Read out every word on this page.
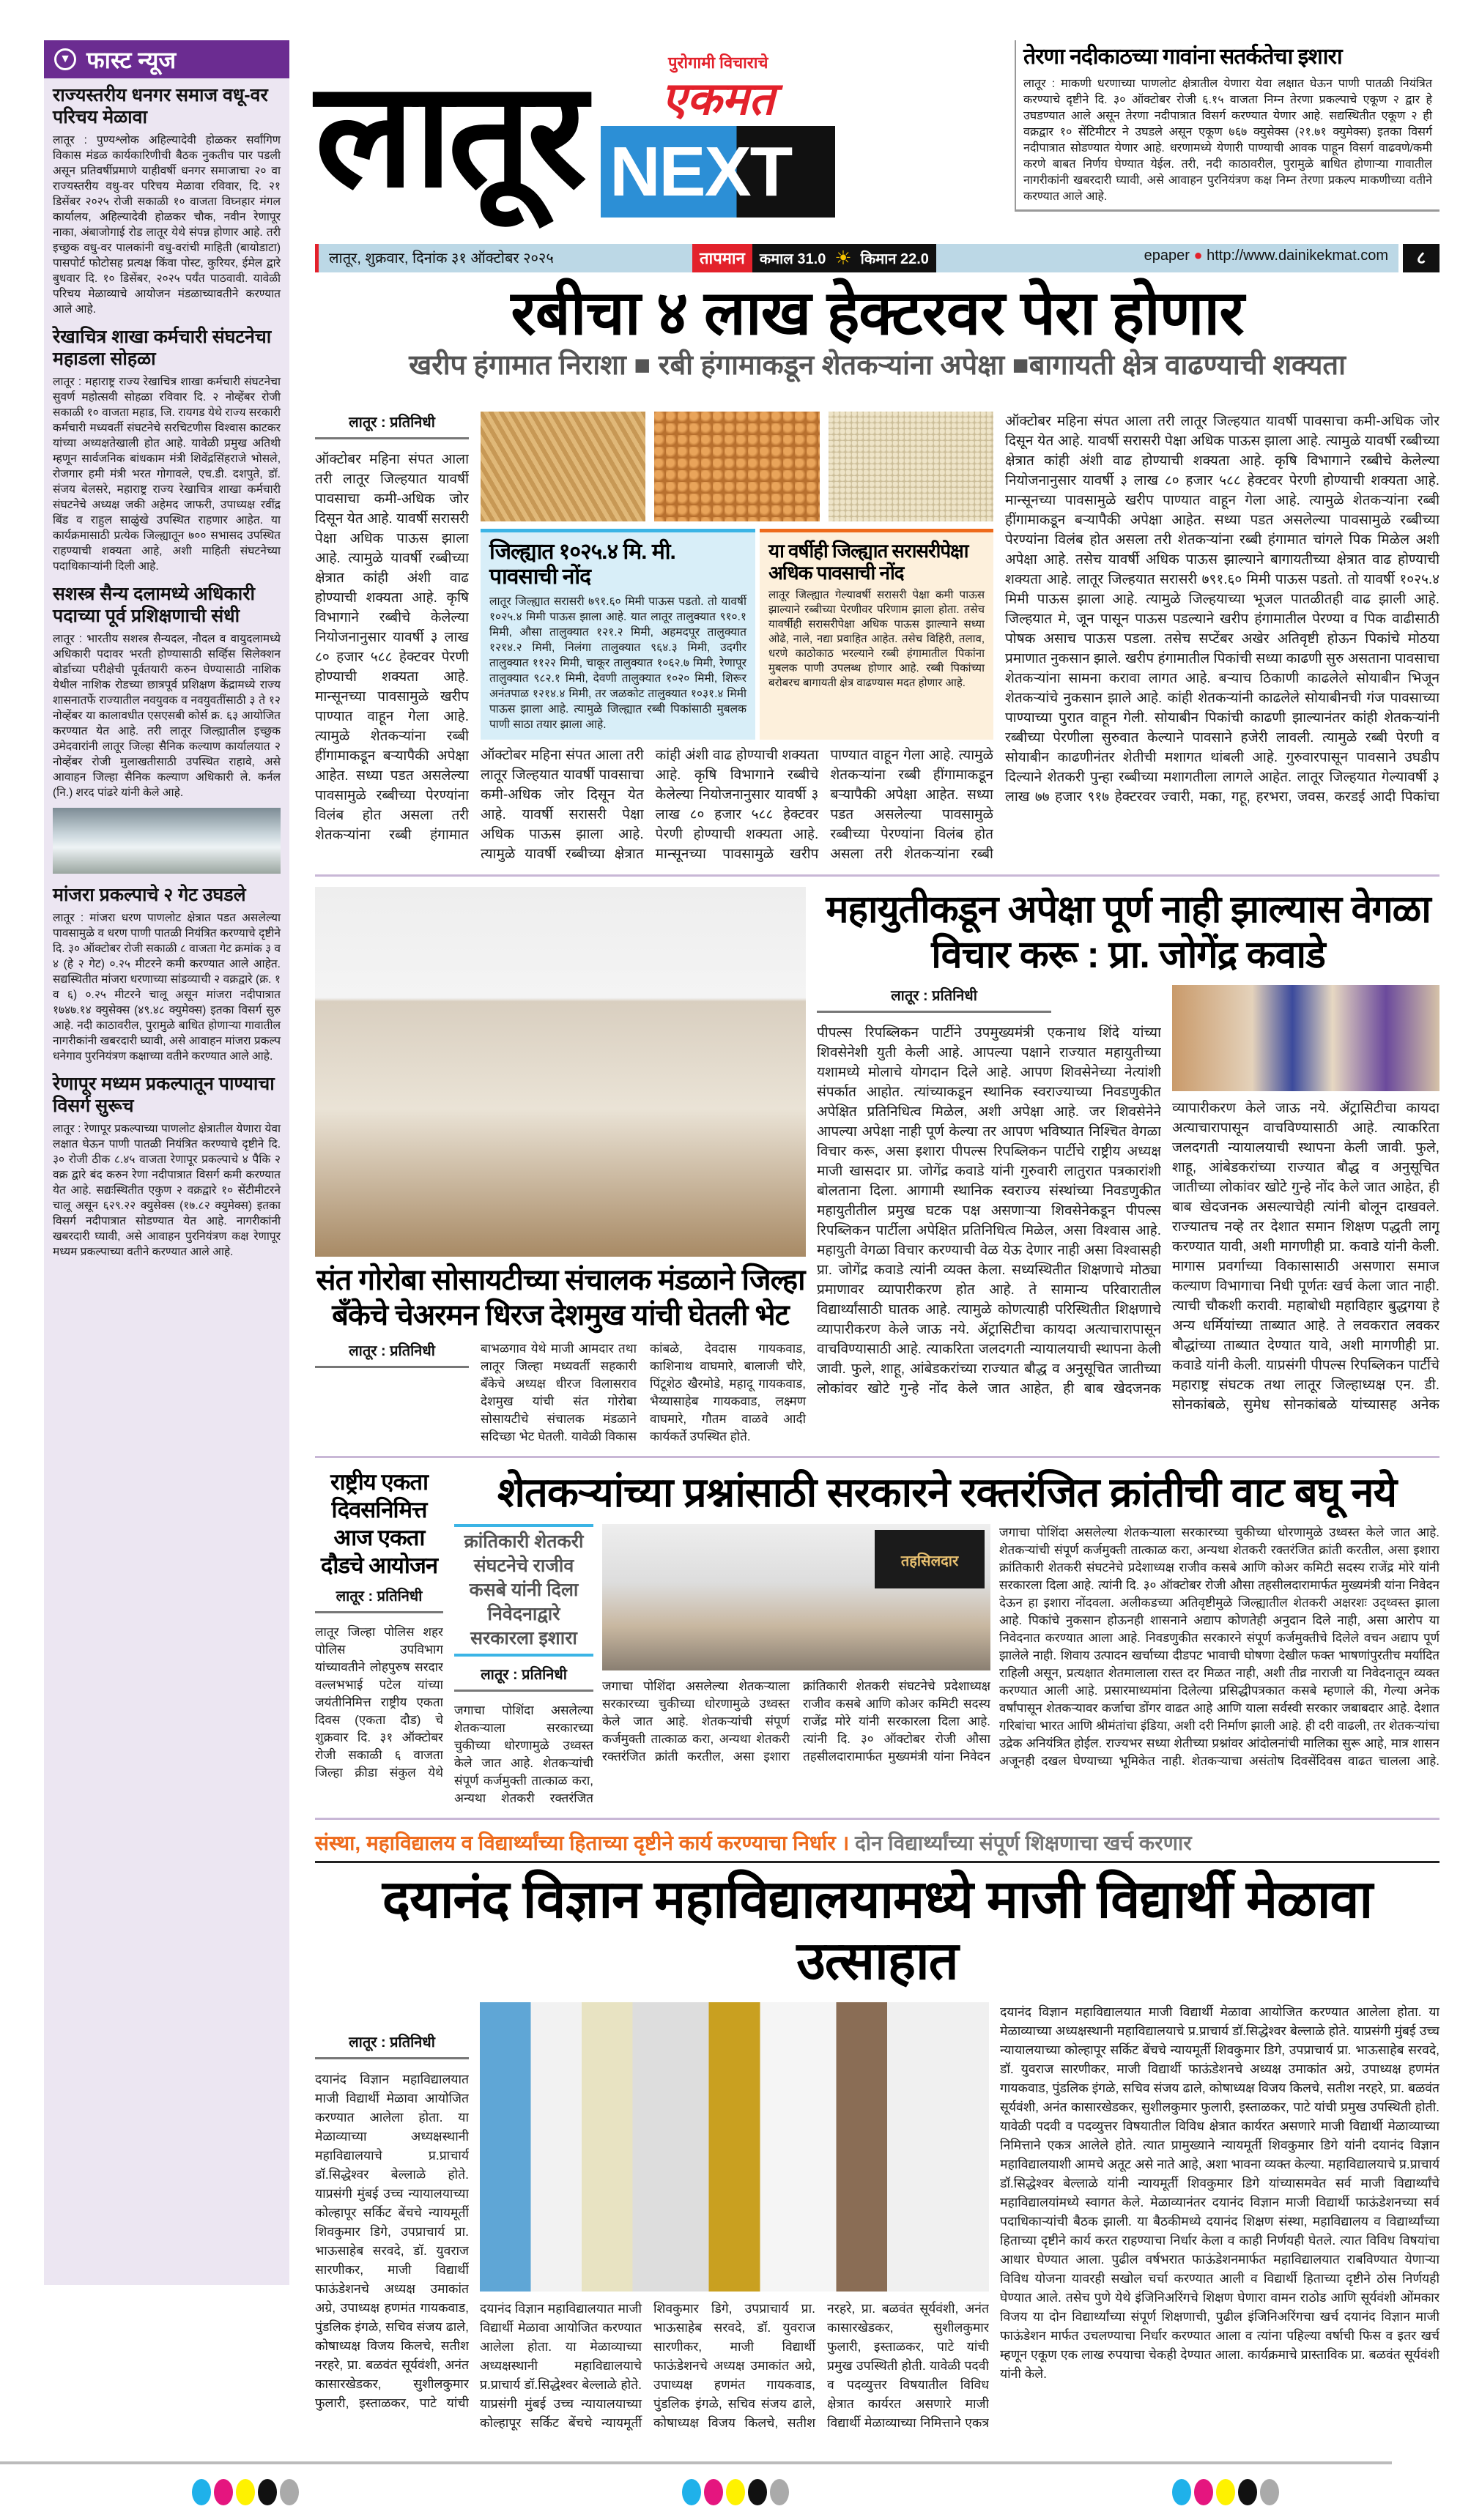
▼ फास्ट न्यूज
राज्यस्तरीय धनगर समाज वधू-वर परिचय मेळावा
लातूर : पुण्यश्लोक अहिल्यादेवी होळकर सर्वांगिण विकास मंडळ कार्यकारिणीची बैठक नुकतीच पार पडली असून प्रतिवर्षीप्रमाणे याहीवर्षी धनगर समाजाचा २० वा राज्यस्तरीय वधु-वर परिचय मेळावा रविवार, दि. २१ डिसेंबर २०२५ रोजी सकाळी १० वाजता विघ्नहार मंगल कार्यालय, अहिल्यादेवी होळकर चौक, नवीन रेणापूर नाका, अंबाजोगाई रोड लातूर येथे संपन्न होणार आहे. तरी इच्छुक वधु-वर पालकांनी वधु-वरांची माहिती (बायोडाटा) पासपोर्ट फोटोसह प्रत्यक्ष किंवा पोस्ट, कुरियर, ईमेल द्वारे बुधवार दि. १० डिसेंबर, २०२५ पर्यंत पाठवावी. यावेळी परिचय मेळाव्याचे आयोजन मंडळाच्यावतीने करण्यात आले आहे.
रेखाचित्र शाखा कर्मचारी संघटनेचा महाडला सोहळा
लातूर : महाराष्ट्र राज्य रेखाचित्र शाखा कर्मचारी संघटनेचा सुवर्ण महोत्सवी सोहळा रविवार दि. २ नोव्हेंबर रोजी सकाळी १० वाजता महाड, जि. रायगड येथे राज्य सरकारी कर्मचारी मध्यवर्ती संघटनेचे सरचिटणीस विश्वास काटकर यांच्या अध्यक्षतेखाली होत आहे. यावेळी प्रमुख अतिथी म्हणून सार्वजनिक बांधकाम मंत्री शिवेंद्रसिंहराजे भोसले, रोजगार हमी मंत्री भरत गोगावले, एच.डी. दशपुते, डॉ. संजय बेलसरे, महाराष्ट्र राज्य रेखाचित्र शाखा कर्मचारी संघटनेचे अध्यक्ष जकी अहेमद जाफरी, उपाध्यक्ष रवींद्र बिंड व राहुल साळुंखे उपस्थित राहणार आहेत. या कार्यक्रमासाठी प्रत्येक जिल्ह्यातून ७०० सभासद उपस्थित राहण्याची शक्यता आहे, अशी माहिती संघटनेच्या पदाधिकाऱ्यांनी दिली आहे.
सशस्त्र सैन्य दलामध्ये अधिकारी पदाच्या पूर्व प्रशिक्षणाची संधी
लातूर : भारतीय सशस्त्र सैन्यदल, नौदल व वायुदलामध्ये अधिकारी पदावर भरती होण्यासाठी सर्व्हिस सिलेक्शन बोर्डाच्या परीक्षेची पूर्वतयारी करुन घेण्यासाठी नाशिक येथील नाशिक रोडच्या छात्रपूर्व प्रशिक्षण केंद्रामध्ये राज्य शासनातर्फे राज्यातील नवयुवक व नवयुवतींसाठी ३ ते १२ नोव्हेंबर या कालावधीत एसएसबी कोर्स क्र. ६३ आयोजित करण्यात येत आहे. तरी लातूर जिल्ह्यातील इच्छुक उमेदवारांनी लातूर जिल्हा सैनिक कल्याण कार्यालयात २ नोव्हेंबर रोजी मुलाखतीसाठी उपस्थित राहावे, असे आवाहन जिल्हा सैनिक कल्याण अधिकारी ले. कर्नल (नि.) शरद पांढरे यांनी केले आहे.
मांजरा प्रकल्पाचे २ गेट उघडले
लातूर : मांजरा धरण पाणलोट क्षेत्रात पडत असलेल्या पावसामुळे व धरण पाणी पातळी नियंत्रित करण्याचे दृष्टीने दि. ३० ऑक्टोबर रोजी सकाळी ८ वाजता गेट क्रमांक ३ व ४ (हे २ गेट) ०.२५ मीटरने कमी करण्यात आले आहेत. सद्यस्थितीत मांजरा धरणाच्या सांडव्याची २ वक्रद्वारे (क्र. १ व ६) ०.२५ मीटरने चालू असून मांजरा नदीपात्रात १७४७.१४ क्युसेक्स (४९.४८ क्युमेक्स) इतका विसर्ग सुरु आहे. नदी काठावरील, पुरामुळे बाधित होणाऱ्या गावातील नागरीकांनी खबरदारी घ्यावी, असे आवाहन मांजरा प्रकल्प धनेगाव पुरनियंत्रण कक्षाच्या वतीने करण्यात आले आहे.
रेणापूर मध्यम प्रकल्पातून पाण्याचा विसर्ग सुरूच
लातूर : रेणापूर प्रकल्पाच्या पाणलोट क्षेत्रातील येणारा येवा लक्षात घेऊन पाणी पातळी नियंत्रित करण्याचे दृष्टीने दि. ३० रोजी ठीक ८.४५ वाजता रेणापूर प्रकल्पाचे ४ पैकि २ वक्र द्वारे बंद करुन रेणा नदीपात्रात विसर्ग कमी करण्यात येत आहे. सद्यःस्थितीत एकुण २ वक्रद्वारे १० सेंटीमीटरने चालू असून ६२९.२२ क्युसेक्स (१७.८२ क्युमेक्स) इतका विसर्ग नदीपात्रात सोडण्यात येत आहे. नागरीकांनी खबरदारी घ्यावी, असे आवाहन पुरनियंत्रण कक्ष रेणापूर मध्यम प्रकल्पाच्या वतीने करण्यात आले आहे.
लातूर	पुरोगामी विचाराचे
एकमत
NEXT
तेरणा नदीकाठच्या गावांना सतर्कतेचा इशारा
लातूर : माकणी धरणाच्या पाणलोट क्षेत्रातील येणारा येवा लक्षात घेऊन पाणी पातळी नियंत्रित करण्याचे दृष्टीने दि. ३० ऑक्टोबर रोजी ६.१५ वाजता निम्न तेरणा प्रकल्पाचे एकूण २ द्वार हे उघडण्यात आले असून तेरणा नदीपात्रात विसर्ग करण्यात येणार आहे. सद्यस्थितीत एकूण २ ही वक्रद्वार १० सेंटिमीटर ने उघडले असून एकूण ७६७ क्युसेक्स (२१.७१ क्युमेक्स) इतका विसर्ग नदीपात्रात सोडण्यात येणार आहे. धरणामध्ये येणारी पाण्याची आवक पाहून विसर्ग वाढवणे/कमी करणे बाबत निर्णय घेण्यात येईल. तरी, नदी काठावरील, पुरामुळे बाधित होणाऱ्या गावातील नागरीकांनी खबरदारी घ्यावी, असे आवाहन पुरनियंत्रण कक्ष निम्न तेरणा प्रकल्प माकणीच्या वतीने करण्यात आले आहे.
लातूर, शुक्रवार, दिनांक ३१ ऑक्टोबर २०२५	तापमान	कमाल 31.0 ☀ किमान 22.0	epaper ● http://www.dainikekmat.com	८
रबीचा ४ लाख हेक्टरवर पेरा होणार
खरीप हंगामात निराशा ■ रबी हंगामाकडून शेतकऱ्यांना अपेक्षा ■बागायती क्षेत्र वाढण्याची शक्यता
लातूर : प्रतिनिधी
ऑक्टोबर महिना संपत आला तरी लातूर जिल्हयात यावर्षी पावसाचा कमी-अधिक जोर दिसून येत आहे. यावर्षी सरासरी पेक्षा अधिक पाऊस झाला आहे. त्यामुळे यावर्षी रब्बीच्या क्षेत्रात कांही अंशी वाढ होण्याची शक्यता आहे. कृषि विभागाने रब्बीचे केलेल्या नियोजनानुसार यावर्षी ३ लाख ८० हजार ५८८ हेक्टवर पेरणी होण्याची शक्यता आहे. मान्सूनच्या पावसामुळे खरीप पाण्यात वाहून गेला आहे. त्यामुळे शेतकऱ्यांना रब्बी हींगामाकडून बऱ्यापैकी अपेक्षा आहेत. सध्या पडत असलेल्या पावसामुळे रब्बीच्या पेरण्यांना विलंब होत असला तरी शेतकऱ्यांना रब्बी हंगामात
जिल्ह्यात १०२५.४ मि. मी. पावसाची नोंद
लातूर जिल्ह्यात सरासरी ७९१.६० मिमी पाऊस पडतो. तो यावर्षी १०२५.४ मिमी पाऊस झाला आहे. यात लातूर तालुक्यात ९१०.१ मिमी, औसा तालुक्यात १२१.२ मिमी, अहमदपूर तालुक्यात १२१४.२ मिमी, निलंगा तालुक्यात ९६४.३ मिमी, उदगीर तालुक्यात ११२२ मिमी, चाकूर तालुक्यात १०६२.७ मिमी, रेणापूर तालुक्यात ९८२.१ मिमी, देवणी तालुक्यात १०२० मिमी, शिरूर अनंतपाळ १२१४.४ मिमी, तर जळकोट तालुक्यात १०३१.४ मिमी पाऊस झाला आहे. त्यामुळे जिल्ह्यात रब्बी पिकांसाठी मुबलक पाणी साठा तयार झाला आहे.
या वर्षीही जिल्ह्यात सरासरीपेक्षा अधिक पावसाची नोंद
लातूर जिल्ह्यात गेल्यावर्षी सरासरी पेक्षा कमी पाऊस झाल्याने रब्बीच्या पेरणीवर परिणाम झाला होता. तसेच यावर्षीही सरासरीपेक्षा अधिक पाऊस झाल्याने सध्या ओढे, नाले, नद्या प्रवाहित आहेत. तसेच विहिरी, तलाव, धरणे काठोकाठ भरल्याने रब्बी हंगामातील पिकांना मुबलक पाणी उपलब्ध होणार आहे. रब्बी पिकांच्या बरोबरच बागायती क्षेत्र वाढण्यास मदत होणार आहे.
ऑक्टोबर महिना संपत आला तरी लातूर जिल्हयात यावर्षी पावसाचा कमी-अधिक जोर दिसून येत आहे. यावर्षी सरासरी पेक्षा अधिक पाऊस झाला आहे. त्यामुळे यावर्षी रब्बीच्या क्षेत्रात कांही अंशी वाढ होण्याची शक्यता आहे. कृषि विभागाने रब्बीचे केलेल्या नियोजनानुसार यावर्षी ३ लाख ८० हजार ५८८ हेक्टवर पेरणी होण्याची शक्यता आहे. मान्सूनच्या पावसामुळे खरीप पाण्यात वाहून गेला आहे. त्यामुळे शेतकऱ्यांना रब्बी हींगामाकडून बऱ्यापैकी अपेक्षा आहेत. सध्या पडत असलेल्या पावसामुळे रब्बीच्या पेरण्यांना विलंब होत असला तरी शेतकऱ्यांना रब्बी
ऑक्टोबर महिना संपत आला तरी लातूर जिल्हयात यावर्षी पावसाचा कमी-अधिक जोर दिसून येत आहे. यावर्षी सरासरी पेक्षा अधिक पाऊस झाला आहे. त्यामुळे यावर्षी रब्बीच्या क्षेत्रात कांही अंशी वाढ होण्याची शक्यता आहे. कृषि विभागाने रब्बीचे केलेल्या नियोजनानुसार यावर्षी ३ लाख ८० हजार ५८८ हेक्टवर पेरणी होण्याची शक्यता आहे. मान्सूनच्या पावसामुळे खरीप पाण्यात वाहून गेला आहे. त्यामुळे शेतकऱ्यांना रब्बी हींगामाकडून बऱ्यापैकी अपेक्षा आहेत. सध्या पडत असलेल्या पावसामुळे रब्बीच्या पेरण्यांना विलंब होत असला तरी शेतकऱ्यांना रब्बी हंगामात चांगले पिक मिळेल अशी अपेक्षा आहे. तसेच यावर्षी अधिक पाऊस झाल्याने बागायतीच्या क्षेत्रात वाढ होण्याची शक्यता आहे. लातूर जिल्हयात सरासरी ७९१.६० मिमी पाऊस पडतो. तो यावर्षी १०२५.४ मिमी पाऊस झाला आहे. त्यामुळे जिल्हयाच्या भूजल पातळीतही वाढ झाली आहे. जिल्हयात मे, जून पासून पाऊस पडल्याने खरीप हंगामातील पेरण्या व पिक वाढीसाठी पोषक असाच पाऊस पडला. तसेच सप्टेंबर अखेर अतिवृष्टी होऊन पिकांचे मोठया प्रमाणात नुकसान झाले. खरीप हंगामातील पिकांची सध्या काढणी सुरु असताना पावसाचा शेतकऱ्यांना सामना करावा लागत आहे. बऱ्याच ठिकाणी काढलेले सोयाबीन भिजून शेतकऱ्यांचे नुकसान झाले आहे. कांही शेतकऱ्यांनी काढलेले सोयाबीनची गंज पावसाच्या पाण्याच्या पुरात वाहून गेली. सोयाबीन पिकांची काढणी झाल्यानंतर कांही शेतकऱ्यांनी रब्बीच्या पेरणीला सुरुवात केल्याने पावसाने हजेरी लावली. त्यामुळे रब्बी पेरणी व सोयाबीन काढणीनंतर शेतीची मशागत थांबली आहे. गुरुवारपासून पावसाने उघडीप दिल्याने शेतकरी पुन्हा रब्बीच्या मशागतीला लागले आहेत. लातूर जिल्हयात गेल्यावर्षी ३ लाख ७७ हजार ९१७ हेक्टरवर ज्वारी, मका, गहू, हरभरा, जवस, करडई आदी पिकांचा
संत गोरोबा सोसायटीच्या संचालक मंडळाने जिल्हा बँकेचे चेअरमन धिरज देशमुख यांची घेतली भेट
लातूर : प्रतिनिधी	बाभळगाव येथे माजी आमदार तथा लातूर जिल्हा मध्यवर्ती सहकारी बँकेचे अध्यक्ष धीरज विलासराव देशमुख यांची संत गोरोबा सोसायटीचे संचालक मंडळाने सदिच्छा भेट घेतली. यावेळी विकास कांबळे, देवदास गायकवाड, काशिनाथ वाघमारे, बालाजी चौरे, पिंटूशेठ खैरमोडे, महादू गायकवाड, भैय्यासाहेब गायकवाड, लक्ष्मण वाघमारे, गौतम वाळवे आदी कार्यकर्ते उपस्थित होते.
महायुतीकडून अपेक्षा पूर्ण नाही झाल्यास वेगळा विचार करू : प्रा. जोगेंद्र कवाडे
लातूर : प्रतिनिधी
पीपल्स रिपब्लिकन पार्टीने उपमुख्यमंत्री एकनाथ शिंदे यांच्या शिवसेनेशी युती केली आहे. आपल्या पक्षाने राज्यात महायुतीच्या यशामध्ये मोलाचे योगदान दिले आहे. आपण शिवसेनेच्या नेत्यांशी संपर्कात आहोत. त्यांच्याकडून स्थानिक स्वराज्याच्या निवडणुकीत अपेक्षित प्रतिनिधित्व मिळेल, अशी अपेक्षा आहे. जर शिवसेनेने आपल्या अपेक्षा नाही पूर्ण केल्या तर आपण भविष्यात निश्चित वेगळा विचार करू, असा इशारा पीपल्स रिपब्लिकन पार्टीचे राष्ट्रीय अध्यक्ष माजी खासदार प्रा. जोगेंद्र कवाडे यांनी गुरुवारी लातुरात पत्रकारांशी बोलताना दिला. आगामी स्थानिक स्वराज्य संस्थांच्या निवडणुकीत महायुतीतील प्रमुख घटक पक्ष असणाऱ्या शिवसेनेकडून पीपल्स रिपब्लिकन पार्टीला अपेक्षित प्रतिनिधित्व मिळेल, असा विश्वास आहे. महायुती वेगळा विचार करण्याची वेळ येऊ देणार नाही असा विश्वासही प्रा. जोगेंद्र कवाडे त्यांनी व्यक्त केला. सध्यस्थितीत शिक्षणाचे मोठ्या प्रमाणावर व्यापारीकरण होत आहे. ते सामान्य परिवारातील विद्यार्थ्यांसाठी घातक आहे. त्यामुळे कोणत्याही परिस्थितीत शिक्षणाचे व्यापारीकरण केले जाऊ नये. ॲट्रासिटीचा कायदा अत्याचारापासून वाचविण्यासाठी आहे. त्याकरिता जलदगती न्यायालयाची स्थापना केली जावी. फुले, शाहू, आंबेडकरांच्या राज्यात बौद्ध व अनुसूचित जातीच्या लोकांवर खोटे गुन्हे नोंद केले जात आहेत, ही बाब खेदजनक
व्यापारीकरण केले जाऊ नये. ॲट्रासिटीचा कायदा अत्याचारापासून वाचविण्यासाठी आहे. त्याकरिता जलदगती न्यायालयाची स्थापना केली जावी. फुले, शाहू, आंबेडकरांच्या राज्यात बौद्ध व अनुसूचित जातीच्या लोकांवर खोटे गुन्हे नोंद केले जात आहेत, ही बाब खेदजनक असल्याचेही त्यांनी बोलून दाखवले. राज्यातच नव्हे तर देशात समान शिक्षण पद्धती लागू करण्यात यावी, अशी मागणीही प्रा. कवाडे यांनी केली. मागास प्रवर्गाच्या विकासासाठी असणारा समाज कल्याण विभागाचा निधी पूर्णतः खर्च केला जात नाही. त्याची चौकशी करावी. महाबोधी महाविहार बुद्धगया हे अन्य धर्मियांच्या ताब्यात आहे. ते लवकरात लवकर बौद्धांच्या ताब्यात देण्यात यावे, अशी मागणीही प्रा. कवाडे यांनी केली. याप्रसंगी पीपल्स रिपब्लिकन पार्टीचे महाराष्ट्र संघटक तथा लातूर जिल्हाध्यक्ष एन. डी. सोनकांबळे, सुमेध सोनकांबळे यांच्यासह अनेक
राष्ट्रीय एकता दिवसनिमित्त आज एकता दौडचे आयोजन
लातूर : प्रतिनिधी
लातूर जिल्हा पोलिस शहर पोलिस उपविभाग यांच्यावतीने लोहपुरुष सरदार वल्लभभाई पटेल यांच्या जयंतीनिमित्त राष्ट्रीय एकता दिवस (एकता दौड) चे शुक्रवार दि. ३१ ऑक्टोबर रोजी सकाळी ६ वाजता जिल्हा क्रीडा संकुल येथे
शेतकऱ्यांच्या प्रश्नांसाठी सरकारने रक्तरंजित क्रांतीची वाट बघू नये
क्रांतिकारी शेतकरी संघटनेचे राजीव कसबे यांनी दिला निवेदनाद्वारे सरकारला इशारा
लातूर : प्रतिनिधी
जगाचा पोशिंदा असलेल्या शेतकऱ्याला सरकारच्या चुकीच्या धोरणामुळे उध्वस्त केले जात आहे. शेतकऱ्यांची संपूर्ण कर्जमुक्ती तात्काळ करा, अन्यथा शेतकरी रक्तरंजित
तहसिलदार
जगाचा पोशिंदा असलेल्या शेतकऱ्याला सरकारच्या चुकीच्या धोरणामुळे उध्वस्त केले जात आहे. शेतकऱ्यांची संपूर्ण कर्जमुक्ती तात्काळ करा, अन्यथा शेतकरी रक्तरंजित क्रांती करतील, असा इशारा क्रांतिकारी शेतकरी संघटनेचे प्रदेशाध्यक्ष राजीव कसबे आणि कोअर कमिटी सदस्य राजेंद्र मोरे यांनी सरकारला दिला आहे. त्यांनी दि. ३० ऑक्टोबर रोजी औसा तहसीलदारामार्फत मुख्यमंत्री यांना निवेदन
जगाचा पोशिंदा असलेल्या शेतकऱ्याला सरकारच्या चुकीच्या धोरणामुळे उध्वस्त केले जात आहे. शेतकऱ्यांची संपूर्ण कर्जमुक्ती तात्काळ करा, अन्यथा शेतकरी रक्तरंजित क्रांती करतील, असा इशारा क्रांतिकारी शेतकरी संघटनेचे प्रदेशाध्यक्ष राजीव कसबे आणि कोअर कमिटी सदस्य राजेंद्र मोरे यांनी सरकारला दिला आहे. त्यांनी दि. ३० ऑक्टोबर रोजी औसा तहसीलदारामार्फत मुख्यमंत्री यांना निवेदन देऊन हा इशारा नोंदवला. अलीकडच्या अतिवृष्टीमुळे जिल्ह्यातील शेतकरी अक्षरशः उद्ध्वस्त झाला आहे. पिकांचे नुकसान होऊनही शासनाने अद्याप कोणतेही अनुदान दिले नाही, असा आरोप या निवेदनात करण्यात आला आहे. निवडणुकीत सरकारने संपूर्ण कर्जमुक्तीचे दिलेले वचन अद्याप पूर्ण झालेले नाही. शिवाय उत्पादन खर्चाच्या दीडपट भावाची घोषणा देखील फक्त भाषणांपुरतीच मर्यादित राहिली असून, प्रत्यक्षात शेतमालाला रास्त दर मिळत नाही, अशी तीव्र नाराजी या निवेदनातून व्यक्त करण्यात आली आहे. प्रसारमाध्यमांना दिलेल्या प्रसिद्धीपत्रकात कसबे म्हणाले की, गेल्या अनेक वर्षांपासून शेतकऱ्यावर कर्जाचा डोंगर वाढत आहे आणि याला सर्वस्वी सरकार जबाबदार आहे. देशात गरिबांचा भारत आणि श्रीमंतांचा इंडिया, अशी दरी निर्माण झाली आहे. ही दरी वाढली, तर शेतकऱ्यांचा उद्रेक अनियंत्रित होईल. राज्यभर सध्या शेतीच्या प्रश्नांवर आंदोलनांची मालिका सुरू आहे, मात्र शासन अजूनही दखल घेण्याच्या भूमिकेत नाही. शेतकऱ्याचा असंतोष दिवसेंदिवस वाढत चालला आहे.
संस्था, महाविद्यालय व विद्यार्थ्यांच्या हिताच्या दृष्टीने कार्य करण्याचा निर्धार । दोन विद्यार्थ्यांच्या संपूर्ण शिक्षणाचा खर्च करणार
दयानंद विज्ञान महाविद्यालयामध्ये माजी विद्यार्थी मेळावा उत्साहात
लातूर : प्रतिनिधी
दयानंद विज्ञान महाविद्यालयात माजी विद्यार्थी मेळावा आयोजित करण्यात आलेला होता. या मेळाव्याच्या अध्यक्षस्थानी महाविद्यालयाचे प्र.प्राचार्य डॉ.सिद्धेश्वर बेल्लाळे होते. याप्रसंगी मुंबई उच्च न्यायालयाच्या कोल्हापूर सर्किट बेंचचे न्यायमूर्ती शिवकुमार डिगे, उपप्राचार्य प्रा. भाऊसाहेब सरवदे, डॉ. युवराज सारणीकर, माजी विद्यार्थी फाऊंडेशनचे अध्यक्ष उमाकांत अग्रे, उपाध्यक्ष हणमंत गायकवाड, पुंडलिक इंगळे, सचिव संजय ढाले, कोषाध्यक्ष विजय किलचे, सतीश नरहरे, प्रा. बळवंत सूर्यवंशी, अनंत कासारखेडकर, सुशीलकुमार फुलारी, इस्ताळकर, पाटे यांची
दयानंद विज्ञान महाविद्यालयात माजी विद्यार्थी मेळावा आयोजित करण्यात आलेला होता. या मेळाव्याच्या अध्यक्षस्थानी महाविद्यालयाचे प्र.प्राचार्य डॉ.सिद्धेश्वर बेल्लाळे होते. याप्रसंगी मुंबई उच्च न्यायालयाच्या कोल्हापूर सर्किट बेंचचे न्यायमूर्ती शिवकुमार डिगे, उपप्राचार्य प्रा. भाऊसाहेब सरवदे, डॉ. युवराज सारणीकर, माजी विद्यार्थी फाऊंडेशनचे अध्यक्ष उमाकांत अग्रे, उपाध्यक्ष हणमंत गायकवाड, पुंडलिक इंगळे, सचिव संजय ढाले, कोषाध्यक्ष विजय किलचे, सतीश नरहरे, प्रा. बळवंत सूर्यवंशी, अनंत कासारखेडकर, सुशीलकुमार फुलारी, इस्ताळकर, पाटे यांची प्रमुख उपस्थिती होती. यावेळी पदवी व पदव्युत्तर विषयातील विविध क्षेत्रात कार्यरत असणारे माजी विद्यार्थी मेळाव्याच्या निमित्ताने एकत्र
दयानंद विज्ञान महाविद्यालयात माजी विद्यार्थी मेळावा आयोजित करण्यात आलेला होता. या मेळाव्याच्या अध्यक्षस्थानी महाविद्यालयाचे प्र.प्राचार्य डॉ.सिद्धेश्वर बेल्लाळे होते. याप्रसंगी मुंबई उच्च न्यायालयाच्या कोल्हापूर सर्किट बेंचचे न्यायमूर्ती शिवकुमार डिगे, उपप्राचार्य प्रा. भाऊसाहेब सरवदे, डॉ. युवराज सारणीकर, माजी विद्यार्थी फाऊंडेशनचे अध्यक्ष उमाकांत अग्रे, उपाध्यक्ष हणमंत गायकवाड, पुंडलिक इंगळे, सचिव संजय ढाले, कोषाध्यक्ष विजय किलचे, सतीश नरहरे, प्रा. बळवंत सूर्यवंशी, अनंत कासारखेडकर, सुशीलकुमार फुलारी, इस्ताळकर, पाटे यांची प्रमुख उपस्थिती होती. यावेळी पदवी व पदव्युत्तर विषयातील विविध क्षेत्रात कार्यरत असणारे माजी विद्यार्थी मेळाव्याच्या निमित्ताने एकत्र आलेले होते. त्यात प्रामुख्याने न्यायमूर्ती शिवकुमार डिगे यांनी दयानंद विज्ञान महाविद्यालयाशी आमचे अतूट असे नाते आहे, अशा भावना व्यक्त केल्या. महाविद्यालयाचे प्र.प्राचार्य डॉ.सिद्धेश्वर बेल्लाळे यांनी न्यायमूर्ती शिवकुमार डिगे यांच्यासमवेत सर्व माजी विद्यार्थ्यांचे महाविद्यालयांमध्ये स्वागत केले. मेळाव्यानंतर दयानंद विज्ञान माजी विद्यार्थी फाऊंडेशनच्या सर्व पदाधिकाऱ्यांची बैठक झाली. या बैठकीमध्ये दयानंद शिक्षण संस्था, महाविद्यालय व विद्यार्थ्यांच्या हिताच्या दृष्टीने कार्य करत राहण्याचा निर्धार केला व काही निर्णयही घेतले. त्यात विविध विषयांचा आधार घेण्यात आला. पुढील वर्षभरात फाऊंडेशनमार्फत महाविद्यालयात राबविण्यात येणाऱ्या विविध योजना यावरही सखोल चर्चा करण्यात आली व विद्यार्थी हिताच्या दृष्टीने ठोस निर्णयही घेण्यात आले. तसेच पुणे येथे इंजिनिअरिंगचे शिक्षण घेणारा वामन राठोड आणि सूर्यवंशी ओंमकार विजय या दोन विद्यार्थ्यांच्या संपूर्ण शिक्षणाची, पुढील इंजिनिअरिंगचा खर्च दयानंद विज्ञान माजी फाऊंडेशन मार्फत उचलण्याचा निर्धार करण्यात आला व त्यांना पहिल्या वर्षाची फिस व इतर खर्च म्हणून एकूण एक लाख रुपयाचा चेकही देण्यात आला. कार्यक्रमाचे प्रास्ताविक प्रा. बळवंत सूर्यवंशी यांनी केले.
